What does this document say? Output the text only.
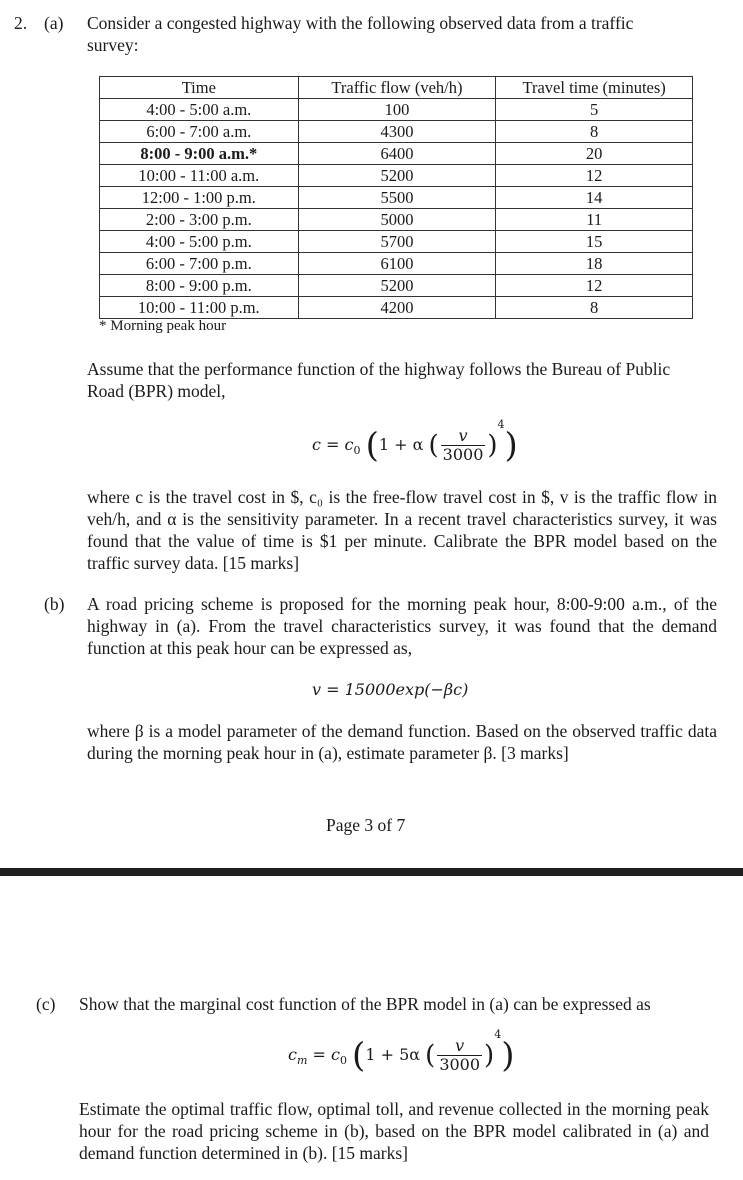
2. (a) Consider a congested highway with the following observed data from a traffic
survey:
Time	Traffic flow (veh/h)	Travel time (minutes)
4:00 - 5:00 a.m.	100	5
6:00 - 7:00 a.m.	4300	8
8:00 - 9:00 a.m.*	6400	20
10:00 - 11:00 a.m.	5200	12
12:00 - 1:00 p.m.	5500	14
2:00 - 3:00 p.m.	5000	11
4:00 - 5:00 p.m.	5700	15
6:00 - 7:00 p.m.	6100	18
8:00 - 9:00 p.m.	5200	12
10:00 - 11:00 p.m.	4200	8
* Morning peak hour
Assume that the performance function of the highway follows the Bureau of Public
Road (BPR) model,
$c = c_0$ (1 + α ( $\frac{v}{3000} )^4$)
where c is the travel cost in $, c₀ is the free-flow travel cost in $, v is the traffic flow in veh/h, and α is the sensitivity parameter. In a recent travel characteristics survey, it was found that the value of time is $1 per minute. Calibrate the BPR model based on the traffic survey data. [15 marks]
(b) A road pricing scheme is proposed for the morning peak hour, 8:00-9:00 a.m., of the highway in (a). From the travel characteristics survey, it was found that the demand function at this peak hour can be expressed as,
v = 15000exp(−βc)
where β is a model parameter of the demand function. Based on the observed traffic data during the morning peak hour in (a), estimate parameter β. [3 marks]
Page 3 of 7
(c) Show that the marginal cost function of the BPR model in (a) can be expressed as
$c_m = c_0$ (1 + 5α ( $\frac{v}{3000} )^4$)
Estimate the optimal traffic flow, optimal toll, and revenue collected in the morning peak hour for the road pricing scheme in (b), based on the BPR model calibrated in (a) and demand function determined in (b). [15 marks]
